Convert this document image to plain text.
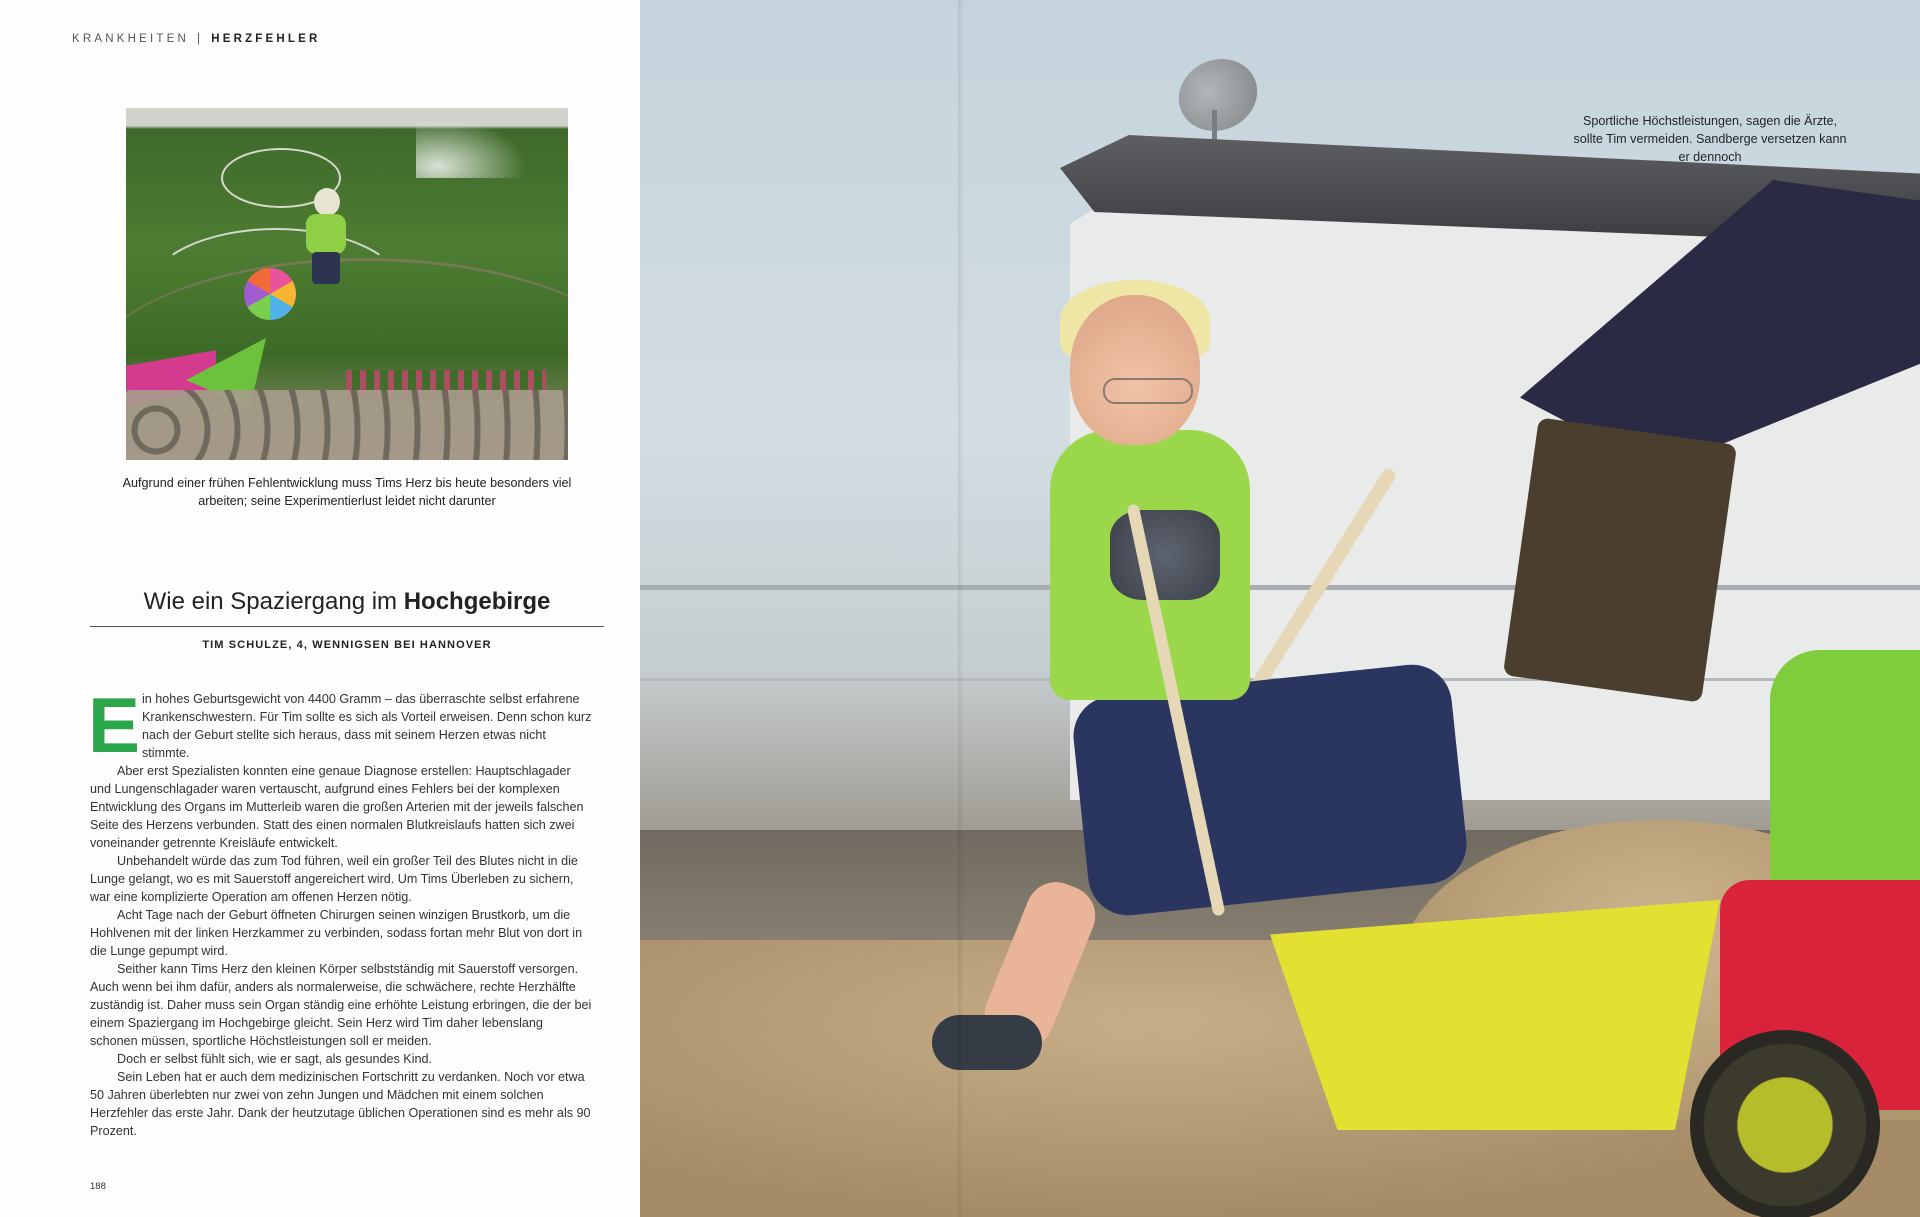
KRANKHEITEN | HERZFEHLER
Aufgrund einer frühen Fehlentwicklung muss Tims Herz bis heute besonders viel arbeiten; seine Experimentierlust leidet nicht darunter
Wie ein Spaziergang im Hochgebirge
TIM SCHULZE, 4, WENNIGSEN BEI HANNOVER
E in hohes Geburtsgewicht von 4400 Gramm – das überraschte selbst erfahrene Krankenschwestern. Für Tim sollte es sich als Vorteil erweisen. Denn schon kurz nach der Geburt stellte sich heraus, dass mit seinem Herzen etwas nicht stimmte.

Aber erst Spezialisten konnten eine genaue Diagnose erstellen: Hauptschlagader und Lungenschlagader waren vertauscht, aufgrund eines Fehlers bei der komplexen Entwicklung des Organs im Mutterleib waren die großen Arterien mit der jeweils falschen Seite des Herzens verbunden. Statt des einen normalen Blutkreislaufs hatten sich zwei voneinander getrennte Kreisläufe entwickelt.

Unbehandelt würde das zum Tod führen, weil ein großer Teil des Blutes nicht in die Lunge gelangt, wo es mit Sauerstoff angereichert wird. Um Tims Überleben zu sichern, war eine komplizierte Operation am offenen Herzen nötig.

Acht Tage nach der Geburt öffneten Chirurgen seinen winzigen Brustkorb, um die Hohlvenen mit der linken Herzkammer zu verbinden, sodass fortan mehr Blut von dort in die Lunge gepumpt wird.

Seither kann Tims Herz den kleinen Körper selbstständig mit Sauerstoff versorgen. Auch wenn bei ihm dafür, anders als normalerweise, die schwächere, rechte Herzhälfte zuständig ist. Daher muss sein Organ ständig eine erhöhte Leistung erbringen, die der bei einem Spaziergang im Hochgebirge gleicht. Sein Herz wird Tim daher lebenslang schonen müssen, sportliche Höchstleistungen soll er meiden.

Doch er selbst fühlt sich, wie er sagt, als gesundes Kind.

Sein Leben hat er auch dem medizinischen Fortschritt zu verdanken. Noch vor etwa 50 Jahren überlebten nur zwei von zehn Jungen und Mädchen mit einem solchen Herzfehler das erste Jahr. Dank der heutzutage üblichen Operationen sind es mehr als 90 Prozent.

188
Sportliche Höchstleistungen, sagen die Ärzte, sollte Tim vermeiden. Sandberge versetzen kann er dennoch
189
